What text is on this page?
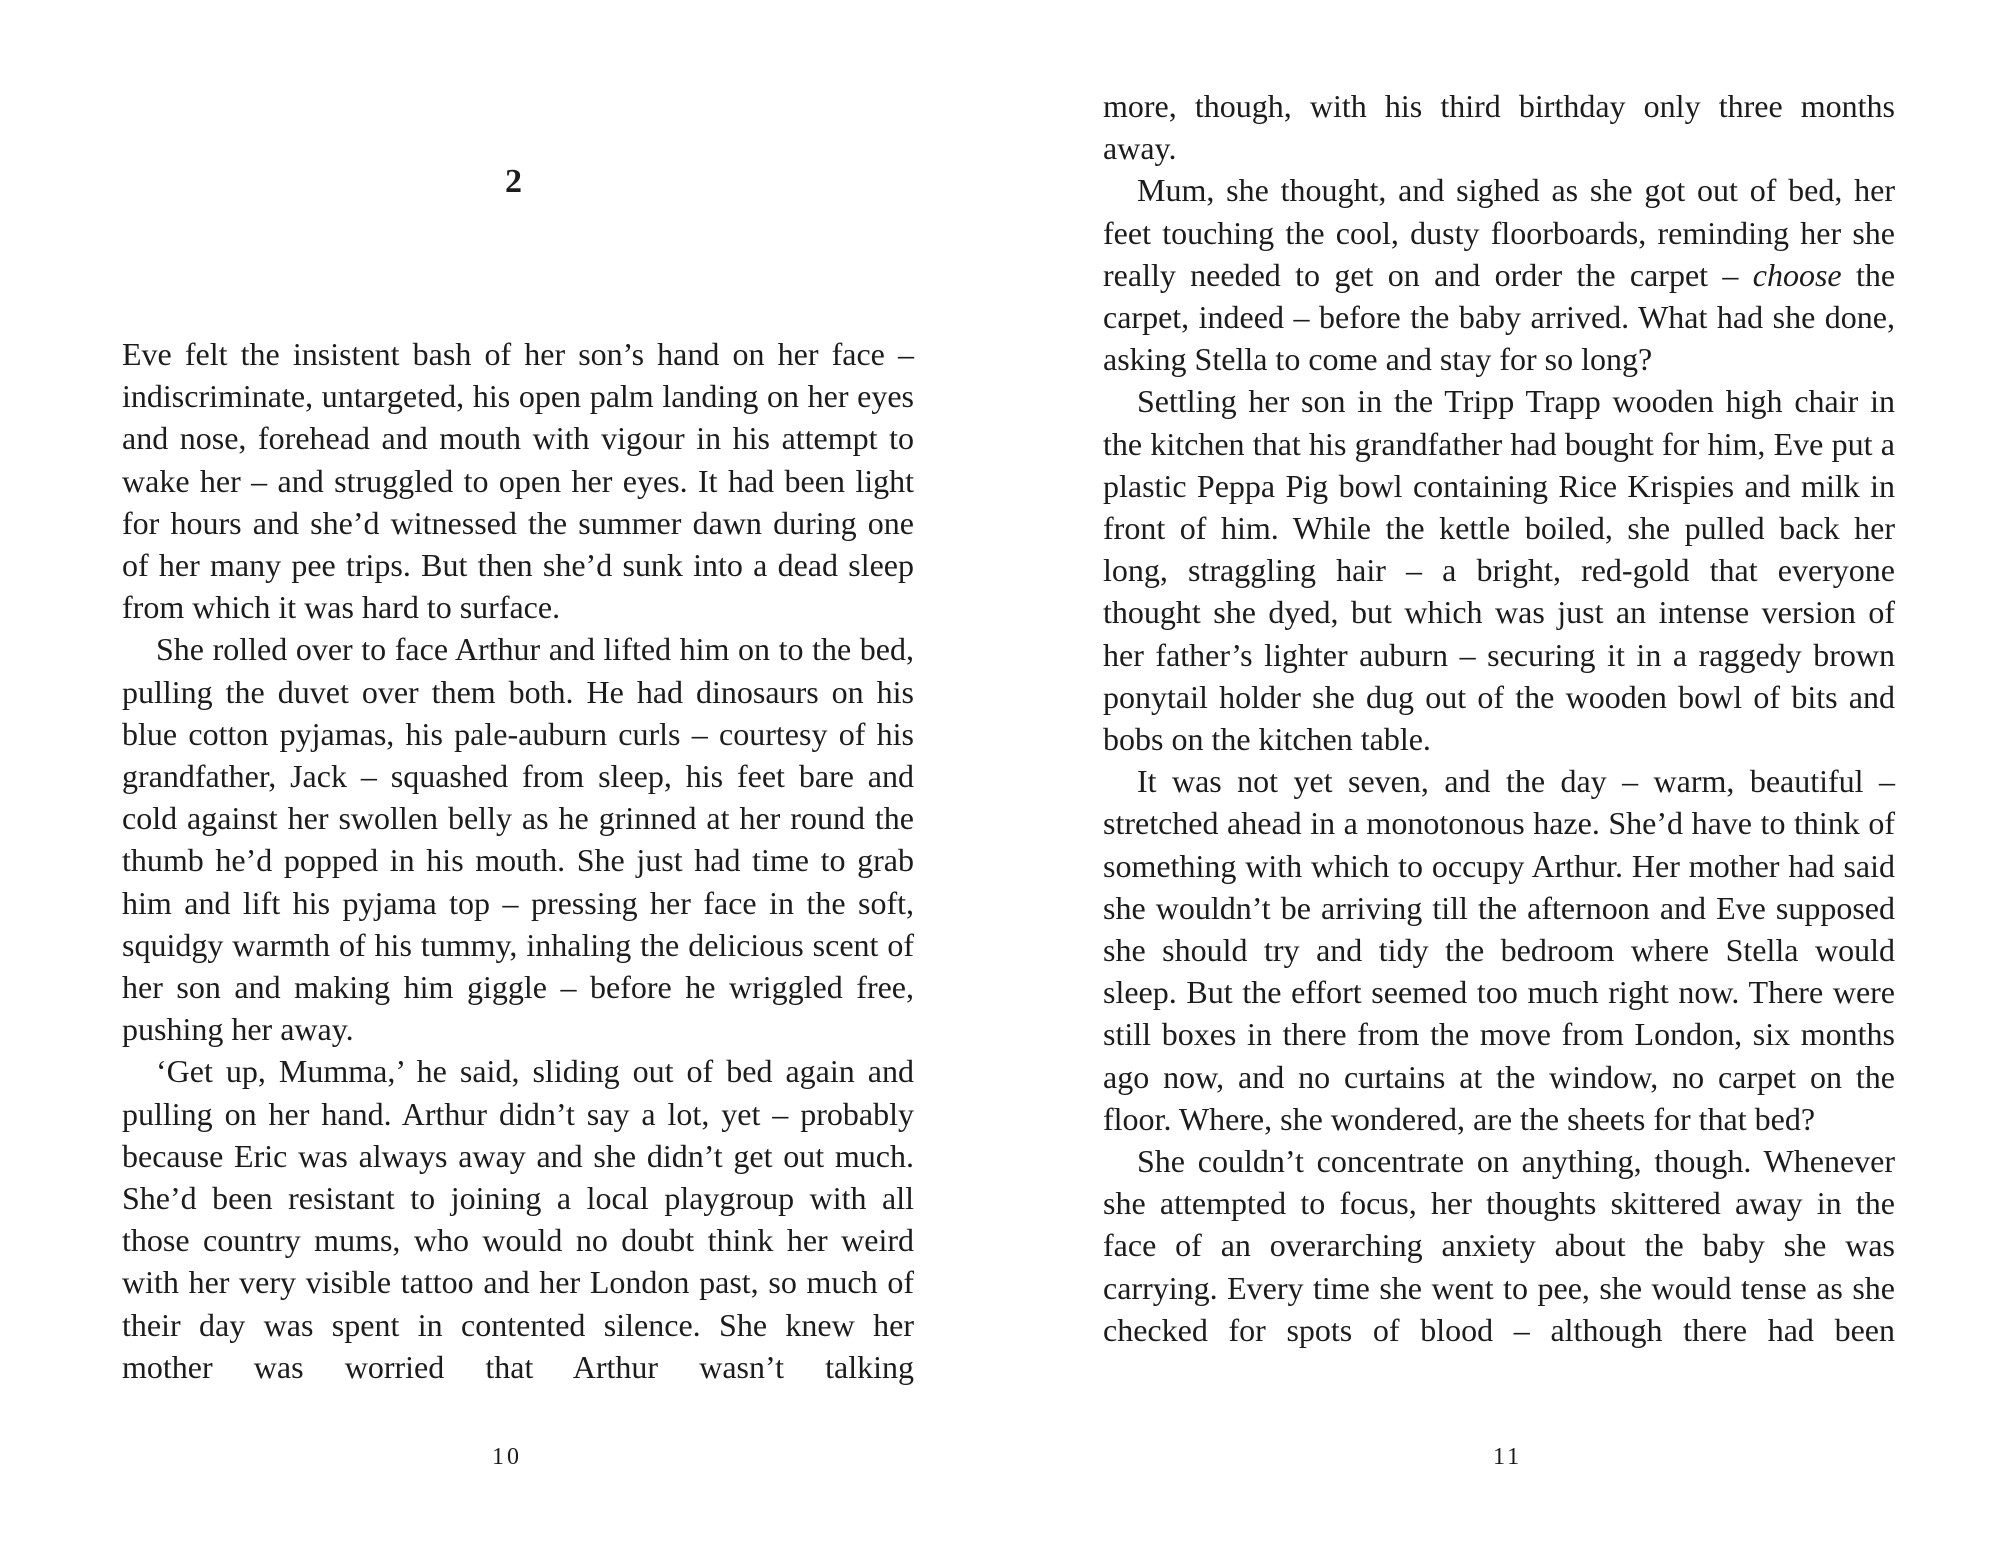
2

Eve felt the insistent bash of her son’s hand on her face – indiscriminate, untargeted, his open palm landing on her eyes and nose, forehead and mouth with vigour in his attempt to wake her – and struggled to open her eyes. It had been light for hours and she’d witnessed the summer dawn during one of her many pee trips. But then she’d sunk into a dead sleep from which it was hard to surface.

She rolled over to face Arthur and lifted him on to the bed, pulling the duvet over them both. He had dinosaurs on his blue cotton pyjamas, his pale-auburn curls – courtesy of his grandfather, Jack – squashed from sleep, his feet bare and cold against her swollen belly as he grinned at her round the thumb he’d popped in his mouth. She just had time to grab him and lift his pyjama top – pressing her face in the soft, squidgy warmth of his tummy, inhaling the delicious scent of her son and making him giggle – before he wriggled free, pushing her away.

‘Get up, Mumma,’ he said, sliding out of bed again and pulling on her hand. Arthur didn’t say a lot, yet – probably because Eric was always away and she didn’t get out much. She’d been resistant to joining a local playgroup with all those country mums, who would no doubt think her weird with her very visible tattoo and her London past, so much of their day was spent in contented silence. She knew her mother was worried that Arthur wasn’t talking

10

more, though, with his third birthday only three months away.

Mum, she thought, and sighed as she got out of bed, her feet touching the cool, dusty floorboards, reminding her she really needed to get on and order the carpet – choose the carpet, indeed – before the baby arrived. What had she done, asking Stella to come and stay for so long?

Settling her son in the Tripp Trapp wooden high chair in the kitchen that his grandfather had bought for him, Eve put a plastic Peppa Pig bowl containing Rice Krispies and milk in front of him. While the kettle boiled, she pulled back her long, straggling hair – a bright, red-gold that everyone thought she dyed, but which was just an intense version of her father’s lighter auburn – securing it in a raggedy brown ponytail holder she dug out of the wooden bowl of bits and bobs on the kitchen table.

It was not yet seven, and the day – warm, beautiful – stretched ahead in a monotonous haze. She’d have to think of something with which to occupy Arthur. Her mother had said she wouldn’t be arriving till the afternoon and Eve supposed she should try and tidy the bedroom where Stella would sleep. But the effort seemed too much right now. There were still boxes in there from the move from London, six months ago now, and no curtains at the window, no carpet on the floor. Where, she wondered, are the sheets for that bed?

She couldn’t concentrate on anything, though. Whenever she attempted to focus, her thoughts skittered away in the face of an overarching anxiety about the baby she was carrying. Every time she went to pee, she would tense as she checked for spots of blood – although there had been

11
